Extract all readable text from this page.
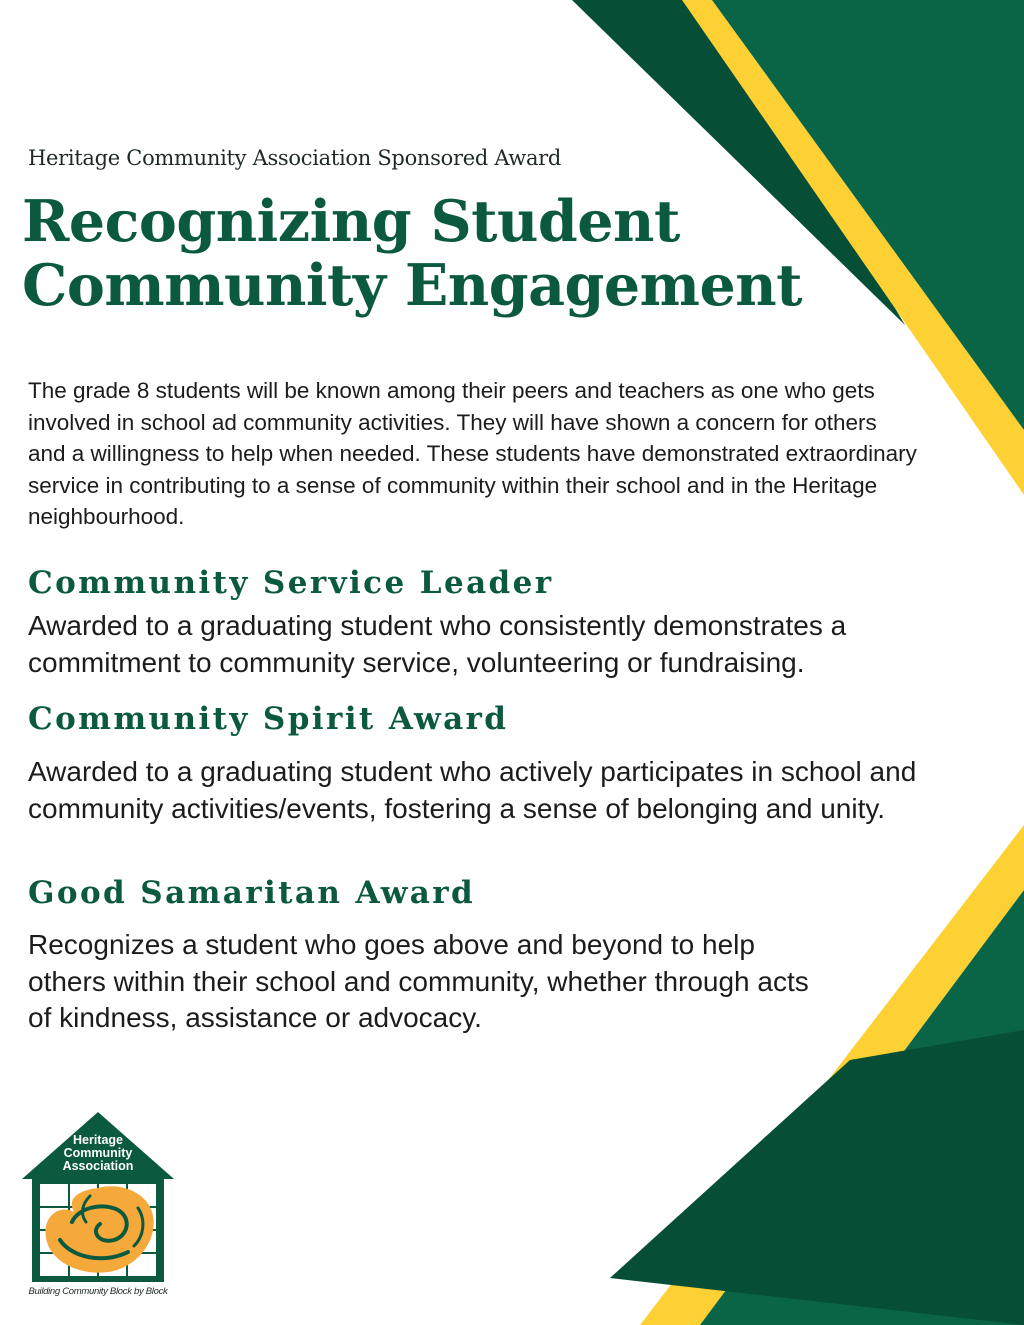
Heritage Community Association Sponsored Award
Recognizing Student
Community Engagement

The grade 8 students will be known among their peers and teachers as one who gets involved in school ad community activities. They will have shown a concern for others and a willingness to help when needed. These students have demonstrated extraordinary service in contributing to a sense of community within their school and in the Heritage neighbourhood.

Community Service Leader

Awarded to a graduating student who consistently demonstrates a commitment to community service, volunteering or fundraising.

Community Spirit Award

Awarded to a graduating student who actively participates in school and community activities/events, fostering a sense of belonging and unity.

Good Samaritan Award

Recognizes a student who goes above and beyond to help others within their school and community, whether through acts of kindness, assistance or advocacy.

Heritage
Community
Association
Building Community Block by Block
